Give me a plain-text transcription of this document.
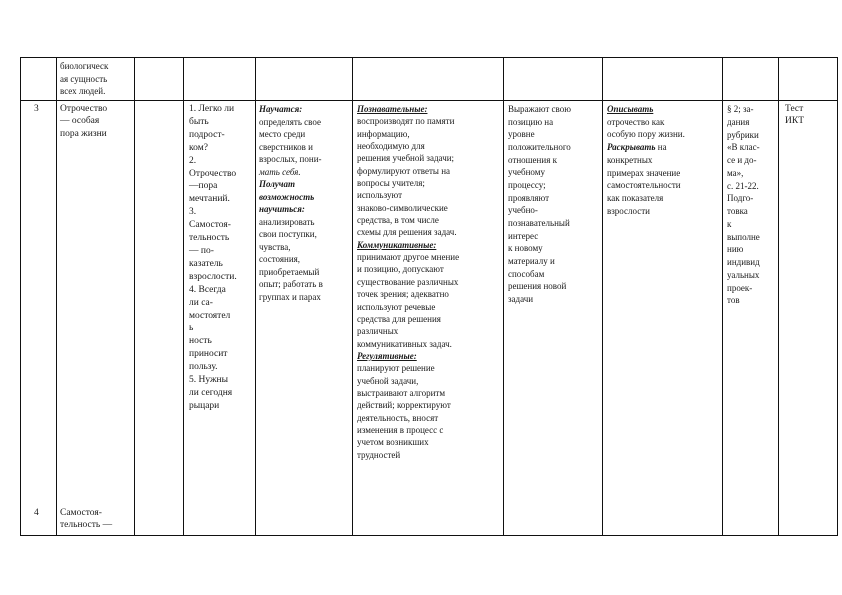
биологическ
ая сущность
всех людей.
3 Отрочество
— особая
пора жизни
1. Легко ли
быть
подрост-
ком?
2.
Отрочество
—пора
мечтаний.
3.
Самостоя-
тельность
— по-
казатель
взрослости.
4. Всегда
ли са-
мостоятел
ь
ность
приносит
пользу.
5. Нужны
ли сегодня
рыцари
Научатся:
определять свое
место среди
сверстников и
взрослых, пони-
мать себя.
Получат
возможность
научиться:
анализировать
свои поступки,
чувства,
состояния,
приобретаемый
опыт; работать в
группах и парах
Познавательные:
воспроизводят по памяти
информацию,
необходимую для
решения учебной задачи;
формулируют ответы на
вопросы учителя;
используют
знаково-символические
средства, в том числе
схемы для решения задач.
Коммуникативные:
принимают другое мнение
и позицию, допускают
существование различных
точек зрения; адекватно
используют речевые
средства для решения
различных
коммуникативных задач.
Регулятивные:
планируют решение
учебной задачи,
выстраивают алгоритм
действий; корректируют
деятельность, вносят
изменения в процесс с
учетом возникших
трудностей
Выражают свою
позицию на
уровне
положительного
отношения к
учебному
процессу;
проявляют
учебно-
познавательный
интерес
к новому
материалу и
способам
решения новой
задачи
Описывать
отрочество как
особую пору жизни.
Раскрывать на
конкретных
примерах значение
самостоятельности
как показателя
взрослости
§ 2; за-
дания
рубрики
«В клас-
се и до-
ма»,
с. 21-22.
Подго-
товка
к
выполне
нию
индивид
уальных
проек-
тов
Тест
ИКТ
4 Самостоя-
тельность —
